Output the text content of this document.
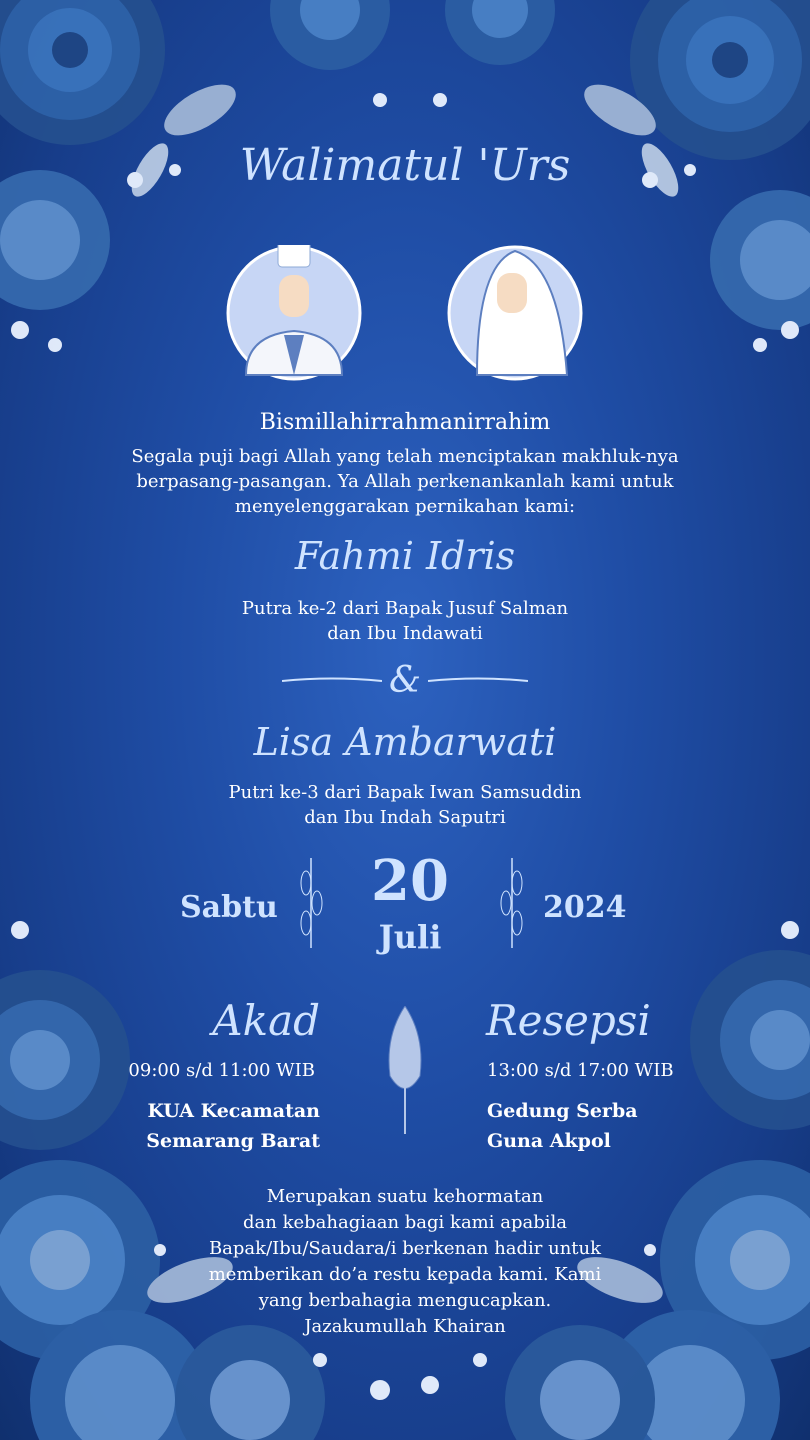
Walimatul 'Urs
Bismillahirrahmanirrahim
Segala puji bagi Allah yang telah menciptakan makhluk-nya
berpasang-pasangan. Ya Allah perkenankanlah kami untuk
menyelenggarakan pernikahan kami:
Fahmi Idris
Putra ke-2 dari Bapak Jusuf Salman
dan Ibu Indawati
&
Lisa Ambarwati
Putri ke-3 dari Bapak Iwan Samsuddin
dan Ibu Indah Saputri
Sabtu	20
Juli
2024
Akad
09:00 s/d 11:00 WIB
KUA Kecamatan
Semarang Barat
Resepsi
13:00 s/d 17:00 WIB
Gedung Serba
Guna Akpol
Merupakan suatu kehormatan
dan kebahagiaan bagi kami apabila
Bapak/Ibu/Saudara/i berkenan hadir untuk
memberikan do’a restu kepada kami. Kami
yang berbahagia mengucapkan.
Jazakumullah Khairan
